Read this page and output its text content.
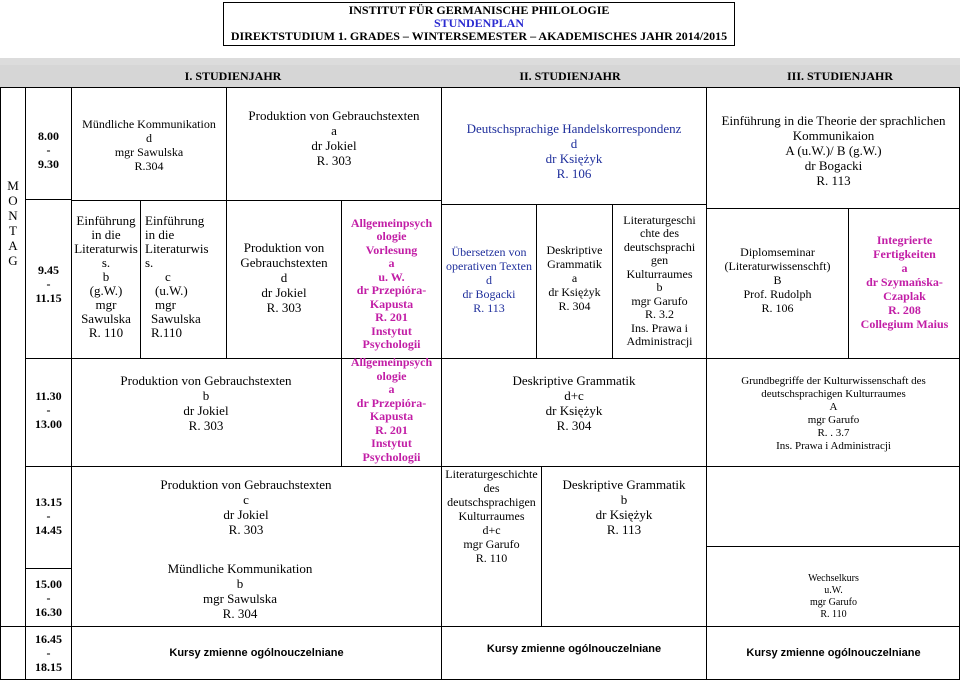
INSTITUT FÜR GERMANISCHE PHILOLOGIE
STUNDENPLAN
DIREKTSTUDIUM 1. GRADES – WINTERSEMESTER – AKADEMISCHES JAHR 2014/2015
I. STUDIENJAHR	II. STUDIENJAHR	III. STUDIENJAHR
M
O
N
T
A
G
8.00
-
9.30
9.45
-
11.15
11.30
-
13.00
13.15
-
14.45
15.00
-
16.30
16.45
-
18.15
Mündliche Kommunikation
d
mgr Sawulska
R.304
Produktion von Gebrauchstexten
a
dr Jokiel
R. 303
Einführung
in die
Literaturwis
s.
b
(g.W.)
mgr
Sawulska
R. 110
Einführung
in die
Literaturwis
s.
c
(u.W.)
mgr
Sawulska
R.110
Produktion von
Gebrauchstexten
d
dr Jokiel
R. 303
Allgemeinpsych
ologie
Vorlesung
a
u. W.
dr Przepióra-
Kapusta
R. 201
Instytut
Psychologii
Produktion von Gebrauchstexten
b
dr Jokiel
R. 303
Allgemeinpsych
ologie
a
dr Przepióra-
Kapusta
R. 201
Instytut
Psychologii
Produktion von Gebrauchstexten
c
dr Jokiel
R. 303
Mündliche Kommunikation
b
mgr Sawulska
R. 304
Kursy zmienne ogólnouczelniane
Deutschsprachige Handelskorrespondenz
d
dr Księżyk
R. 106
Übersetzen von
operativen Texten
d
dr Bogacki
R. 113
Deskriptive
Grammatik
a
dr Księżyk
R. 304
Deskriptive Grammatik
d+c
dr Księżyk
R. 304
Literaturgeschichte
des
deutschsprachigen
Kulturraumes
d+c
mgr Garufo
R. 110
Deskriptive Grammatik
b
dr Księżyk
R. 113
Kursy zmienne ogólnouczelniane
Literaturgeschi
chte des
deutschsprachi
gen
Kulturraumes
b
mgr Garufo
R. 3.2
Ins. Prawa i
Administracji
Einführung in die Theorie der sprachlichen
Kommunikaion
A (u.W.)/ B (g.W.)
dr Bogacki
R. 113
Diplomseminar
(Literaturwissenschft)
B
Prof. Rudolph
R. 106
Integrierte
Fertigkeiten
a
dr Szymańska-
Czaplak
R. 208
Collegium Maius
Grundbegriffe der Kulturwissenschaft des
deutschsprachigen Kulturraumes
A
mgr Garufo
R. . 3.7
Ins. Prawa i Administracji
Wechselkurs
u.W.
mgr Garufo
R. 110
Kursy zmienne ogólnouczelniane
